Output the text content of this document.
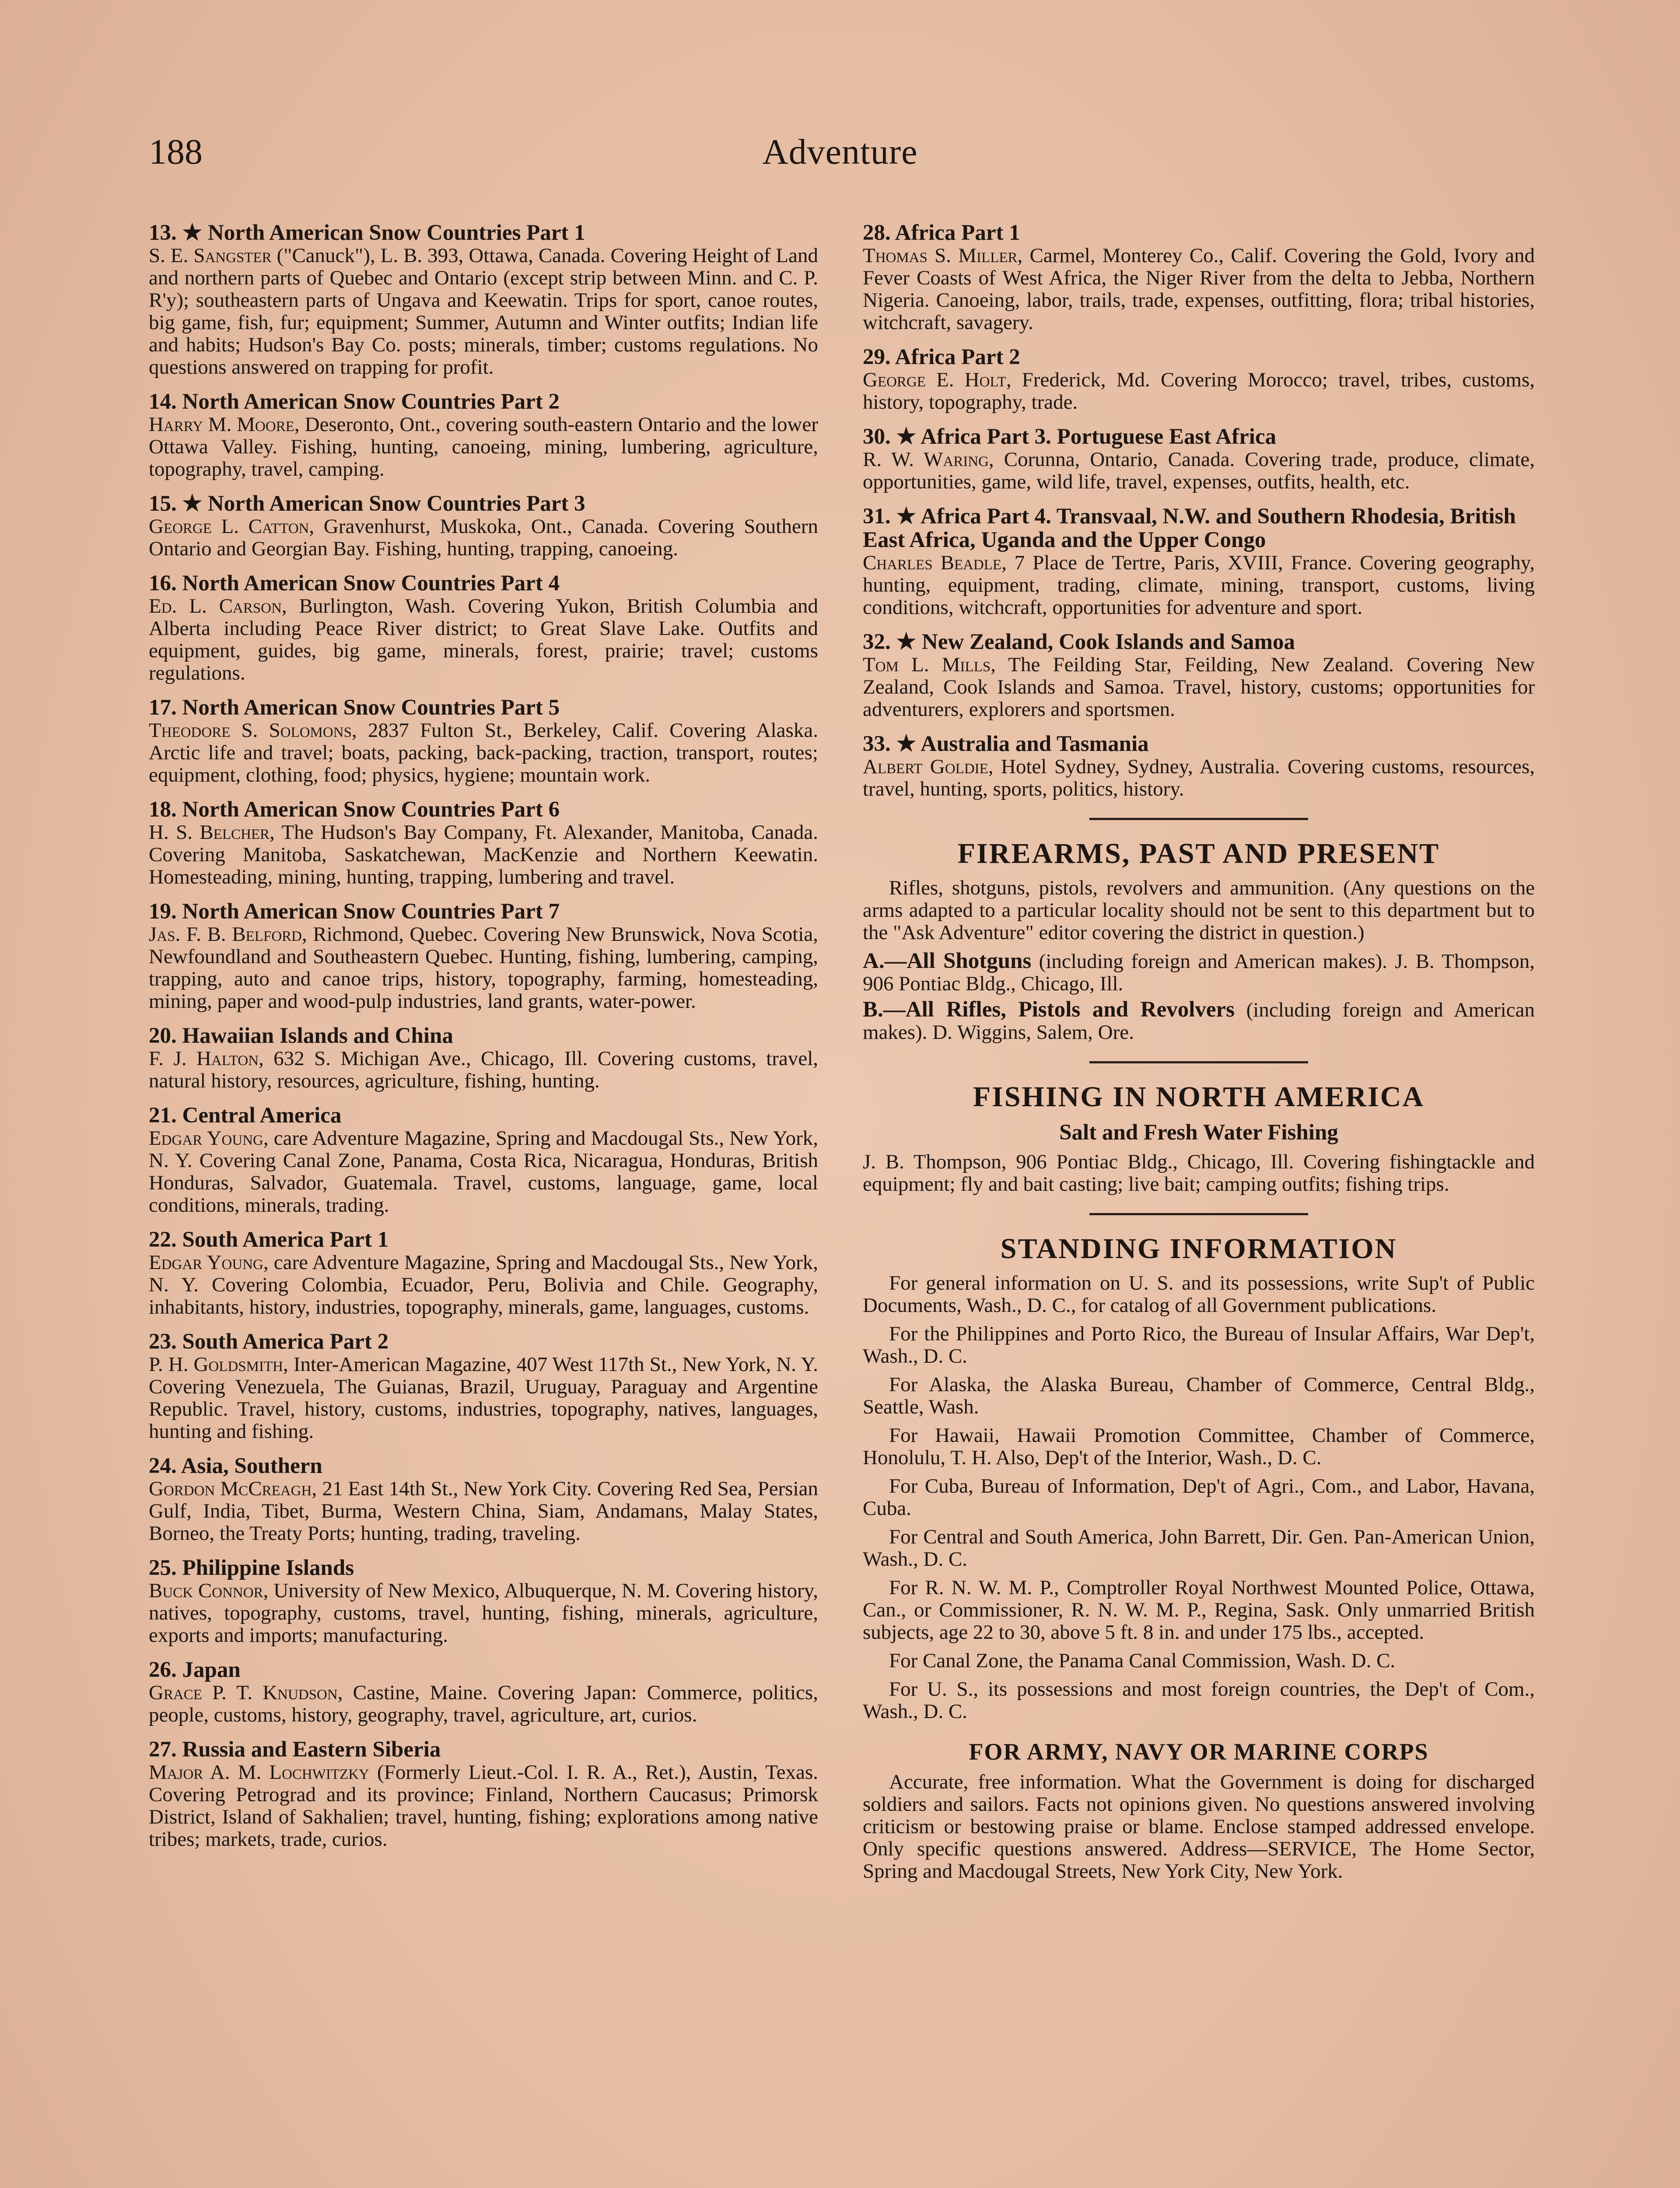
188	Adventure
13. ★ North American Snow Countries Part 1
S. E. Sangster ("Canuck"), L. B. 393, Ottawa, Canada. Covering Height of Land and northern parts of Quebec and Ontario (except strip between Minn. and C. P. R'y); southeastern parts of Ungava and Keewatin. Trips for sport, canoe routes, big game, fish, fur; equipment; Summer, Autumn and Winter outfits; Indian life and habits; Hudson's Bay Co. posts; minerals, timber; customs regulations. No questions answered on trapping for profit.
14. North American Snow Countries Part 2
Harry M. Moore, Deseronto, Ont., covering south-eastern Ontario and the lower Ottawa Valley. Fishing, hunting, canoeing, mining, lumbering, agriculture, topography, travel, camping.
15. ★ North American Snow Countries Part 3
George L. Catton, Gravenhurst, Muskoka, Ont., Canada. Covering Southern Ontario and Georgian Bay. Fishing, hunting, trapping, canoeing.
16. North American Snow Countries Part 4
Ed. L. Carson, Burlington, Wash. Covering Yukon, British Columbia and Alberta including Peace River district; to Great Slave Lake. Outfits and equipment, guides, big game, minerals, forest, prairie; travel; customs regulations.
17. North American Snow Countries Part 5
Theodore S. Solomons, 2837 Fulton St., Berkeley, Calif. Covering Alaska. Arctic life and travel; boats, packing, back-packing, traction, transport, routes; equipment, clothing, food; physics, hygiene; mountain work.
18. North American Snow Countries Part 6
H. S. Belcher, The Hudson's Bay Company, Ft. Alexander, Manitoba, Canada. Covering Manitoba, Saskatchewan, MacKenzie and Northern Keewatin. Homesteading, mining, hunting, trapping, lumbering and travel.
19. North American Snow Countries Part 7
Jas. F. B. Belford, Richmond, Quebec. Covering New Brunswick, Nova Scotia, Newfoundland and Southeastern Quebec. Hunting, fishing, lumbering, camping, trapping, auto and canoe trips, history, topography, farming, homesteading, mining, paper and wood-pulp industries, land grants, water-power.
20. Hawaiian Islands and China
F. J. Halton, 632 S. Michigan Ave., Chicago, Ill. Covering customs, travel, natural history, resources, agriculture, fishing, hunting.
21. Central America
Edgar Young, care Adventure Magazine, Spring and Macdougal Sts., New York, N. Y. Covering Canal Zone, Panama, Costa Rica, Nicaragua, Honduras, British Honduras, Salvador, Guatemala. Travel, customs, language, game, local conditions, minerals, trading.
22. South America Part 1
Edgar Young, care Adventure Magazine, Spring and Macdougal Sts., New York, N. Y. Covering Colombia, Ecuador, Peru, Bolivia and Chile. Geography, inhabitants, history, industries, topography, minerals, game, languages, customs.
23. South America Part 2
P. H. Goldsmith, Inter-American Magazine, 407 West 117th St., New York, N. Y. Covering Venezuela, The Guianas, Brazil, Uruguay, Paraguay and Argentine Republic. Travel, history, customs, industries, topography, natives, languages, hunting and fishing.
24. Asia, Southern
Gordon McCreagh, 21 East 14th St., New York City. Covering Red Sea, Persian Gulf, India, Tibet, Burma, Western China, Siam, Andamans, Malay States, Borneo, the Treaty Ports; hunting, trading, traveling.
25. Philippine Islands
Buck Connor, University of New Mexico, Albuquerque, N. M. Covering history, natives, topography, customs, travel, hunting, fishing, minerals, agriculture, exports and imports; manufacturing.
26. Japan
Grace P. T. Knudson, Castine, Maine. Covering Japan: Commerce, politics, people, customs, history, geography, travel, agriculture, art, curios.
27. Russia and Eastern Siberia
Major A. M. Lochwitzky (Formerly Lieut.-Col. I. R. A., Ret.), Austin, Texas. Covering Petrograd and its province; Finland, Northern Caucasus; Primorsk District, Island of Sakhalien; travel, hunting, fishing; explorations among native tribes; markets, trade, curios.
28. Africa Part 1
Thomas S. Miller, Carmel, Monterey Co., Calif. Covering the Gold, Ivory and Fever Coasts of West Africa, the Niger River from the delta to Jebba, Northern Nigeria. Canoeing, labor, trails, trade, expenses, outfitting, flora; tribal histories, witchcraft, savagery.
29. Africa Part 2
George E. Holt, Frederick, Md. Covering Morocco; travel, tribes, customs, history, topography, trade.
30. ★ Africa Part 3. Portuguese East Africa
R. W. Waring, Corunna, Ontario, Canada. Covering trade, produce, climate, opportunities, game, wild life, travel, expenses, outfits, health, etc.
31. ★ Africa Part 4. Transvaal, N.W. and Southern Rhodesia, British East Africa, Uganda and the Upper Congo
Charles Beadle, 7 Place de Tertre, Paris, XVIII, France. Covering geography, hunting, equipment, trading, climate, mining, transport, customs, living conditions, witchcraft, opportunities for adventure and sport.
32. ★ New Zealand, Cook Islands and Samoa
Tom L. Mills, The Feilding Star, Feilding, New Zealand. Covering New Zealand, Cook Islands and Samoa. Travel, history, customs; opportunities for adventurers, explorers and sportsmen.
33. ★ Australia and Tasmania
Albert Goldie, Hotel Sydney, Sydney, Australia. Covering customs, resources, travel, hunting, sports, politics, history.
FIREARMS, PAST AND PRESENT
Rifles, shotguns, pistols, revolvers and ammunition. (Any questions on the arms adapted to a particular locality should not be sent to this department but to the "Ask Adventure" editor covering the district in question.)
A.—All Shotguns (including foreign and American makes). J. B. Thompson, 906 Pontiac Bldg., Chicago, Ill.
B.—All Rifles, Pistols and Revolvers (including foreign and American makes). D. Wiggins, Salem, Ore.
FISHING IN NORTH AMERICA
Salt and Fresh Water Fishing
J. B. Thompson, 906 Pontiac Bldg., Chicago, Ill. Covering fishingtackle and equipment; fly and bait casting; live bait; camping outfits; fishing trips.
STANDING INFORMATION
For general information on U. S. and its possessions, write Sup't of Public Documents, Wash., D. C., for catalog of all Government publications.
For the Philippines and Porto Rico, the Bureau of Insular Affairs, War Dep't, Wash., D. C.
For Alaska, the Alaska Bureau, Chamber of Commerce, Central Bldg., Seattle, Wash.
For Hawaii, Hawaii Promotion Committee, Chamber of Commerce, Honolulu, T. H. Also, Dep't of the Interior, Wash., D. C.
For Cuba, Bureau of Information, Dep't of Agri., Com., and Labor, Havana, Cuba.
For Central and South America, John Barrett, Dir. Gen. Pan-American Union, Wash., D. C.
For R. N. W. M. P., Comptroller Royal Northwest Mounted Police, Ottawa, Can., or Commissioner, R. N. W. M. P., Regina, Sask. Only unmarried British subjects, age 22 to 30, above 5 ft. 8 in. and under 175 lbs., accepted.
For Canal Zone, the Panama Canal Commission, Wash. D. C.
For U. S., its possessions and most foreign countries, the Dep't of Com., Wash., D. C.
FOR ARMY, NAVY OR MARINE CORPS
Accurate, free information. What the Government is doing for discharged soldiers and sailors. Facts not opinions given. No questions answered involving criticism or bestowing praise or blame. Enclose stamped addressed envelope. Only specific questions answered. Address—SERVICE, The Home Sector, Spring and Macdougal Streets, New York City, New York.
